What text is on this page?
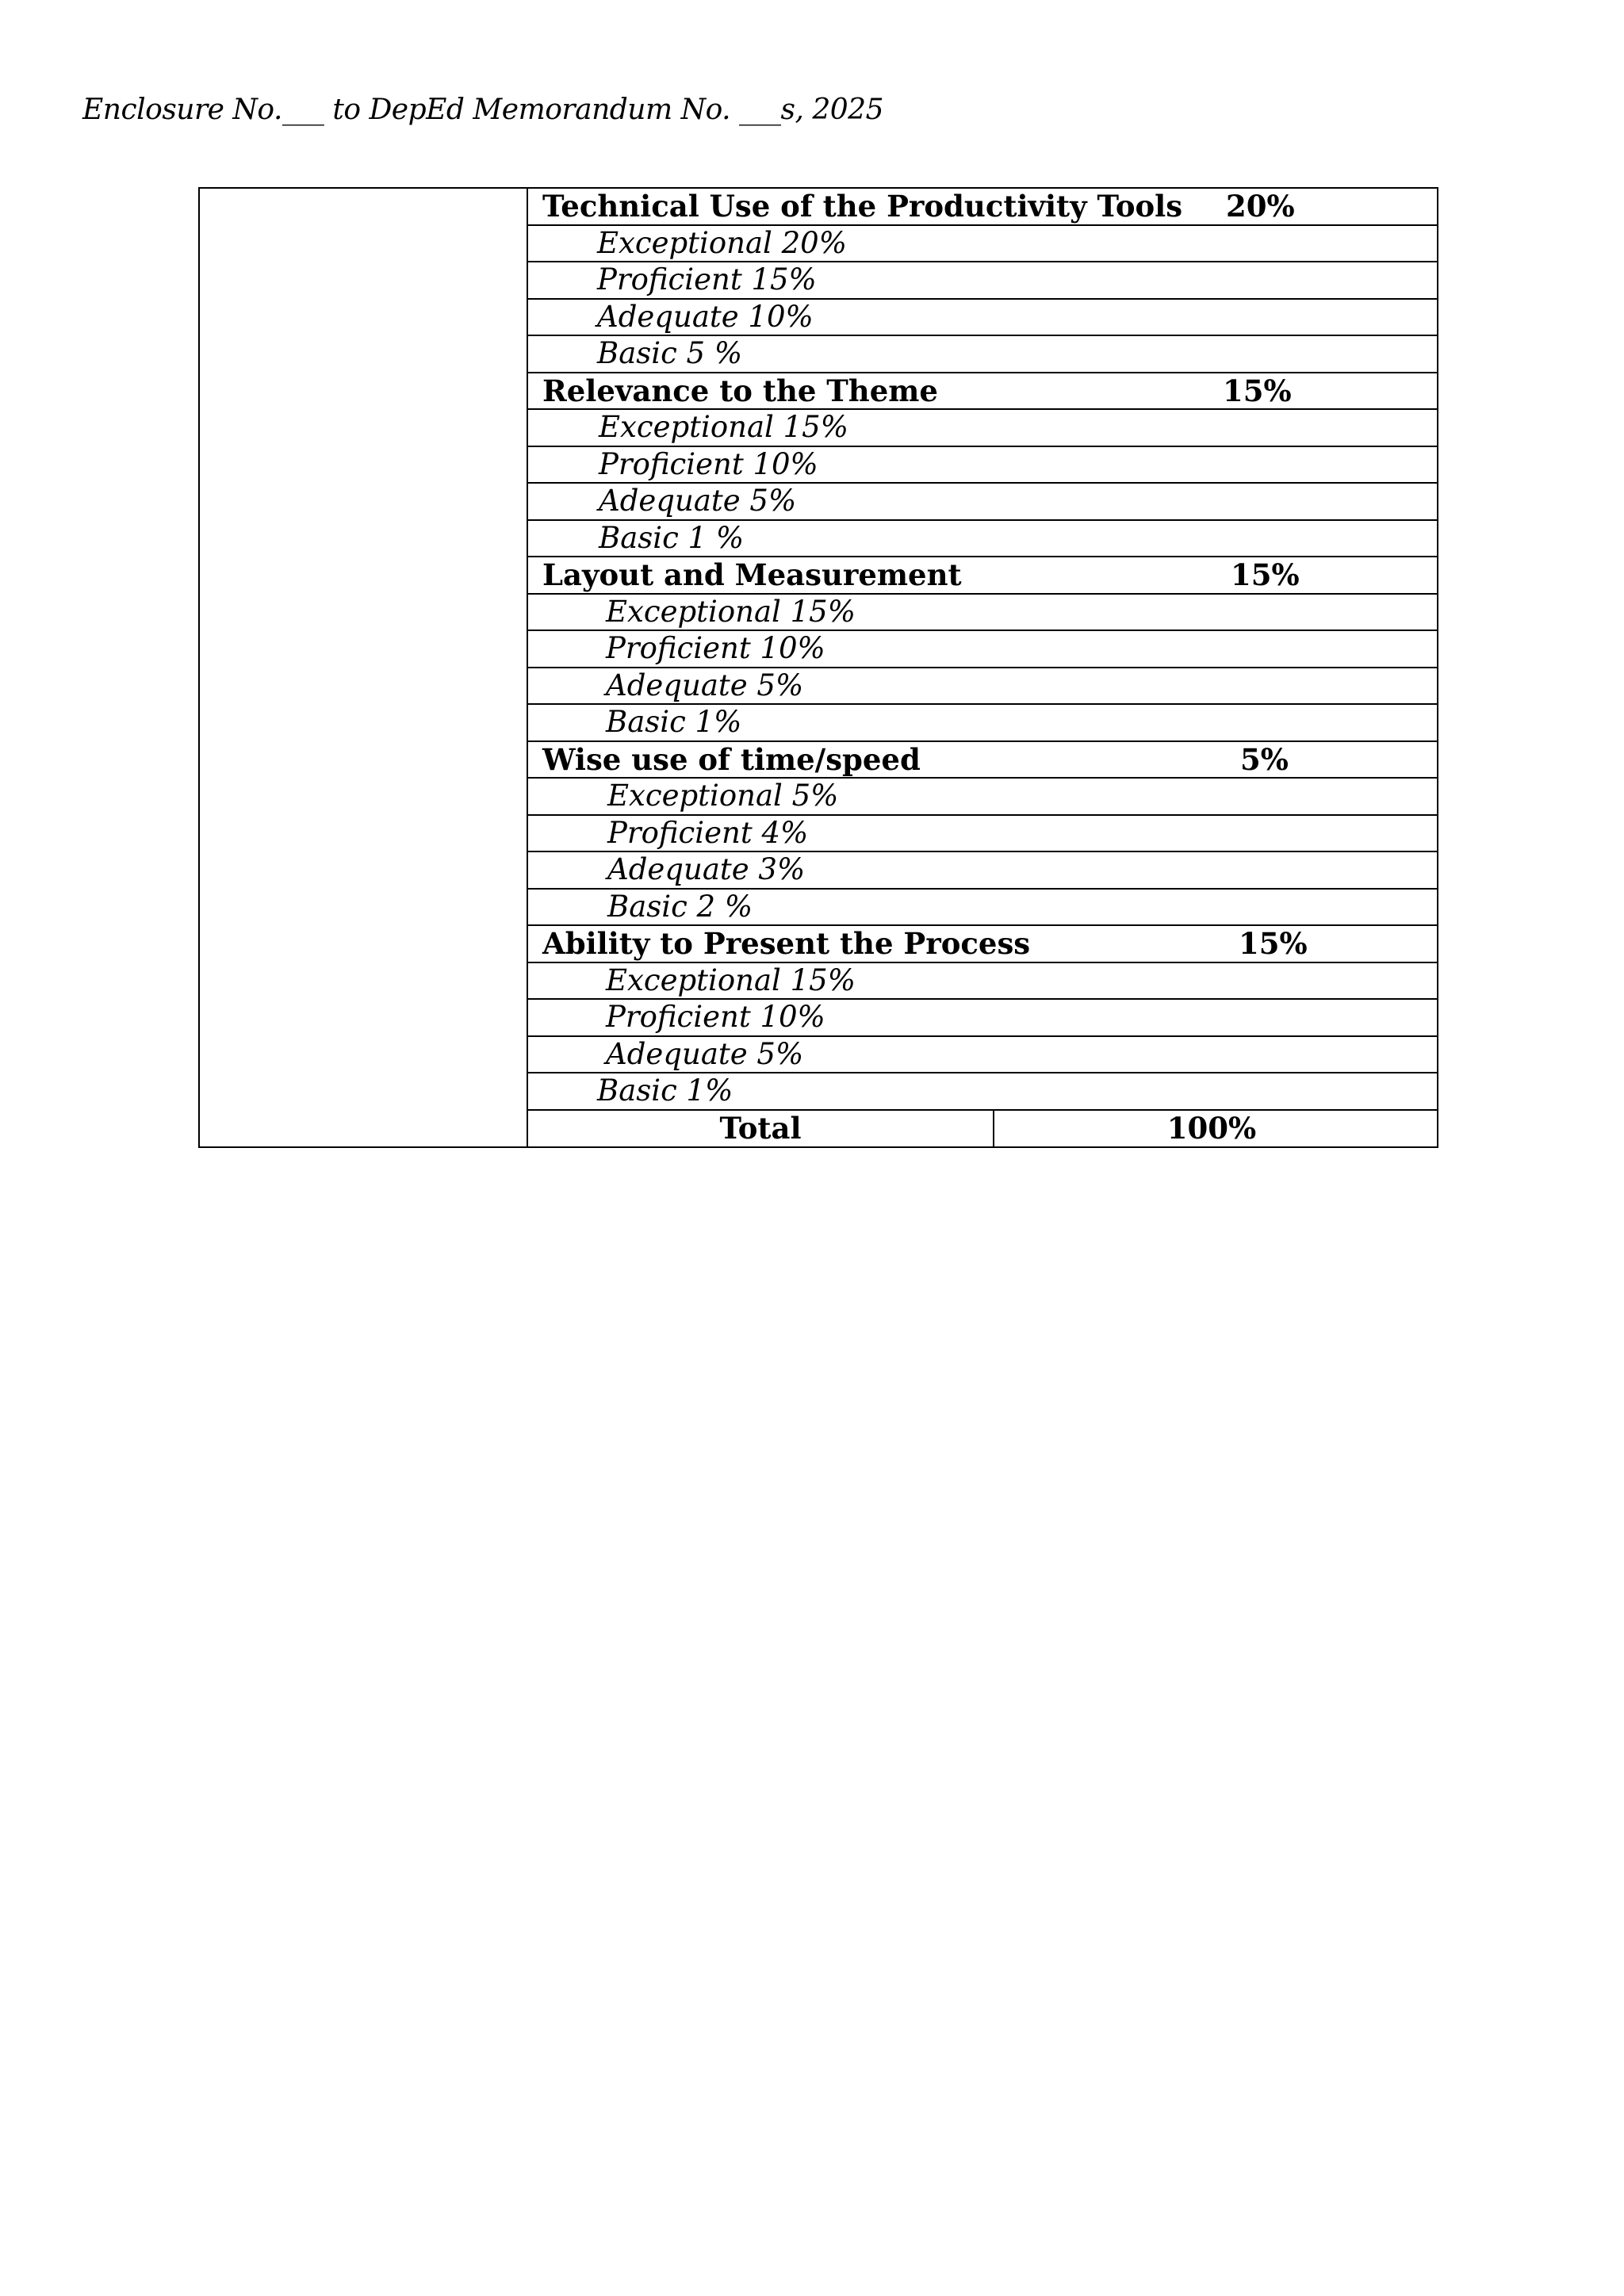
Enclosure No.___ to DepEd Memorandum No. ___s, 2025
Technical Use of the Productivity Tools 20%
Exceptional 20%
Proficient 15%
Adequate 10%
Basic 5 %
Relevance to the Theme	15%
Exceptional 15%
Proficient 10%
Adequate 5%
Basic 1 %
Layout and Measurement	15%
Exceptional 15%
Proficient 10%
Adequate 5%
Basic 1%
Wise use of time/speed	5%
Exceptional 5%
Proficient 4%
Adequate 3%
Basic 2 %
Ability to Present the Process	15%
Exceptional 15%
Proficient 10%
Adequate 5%
Basic 1%
Total	100%
